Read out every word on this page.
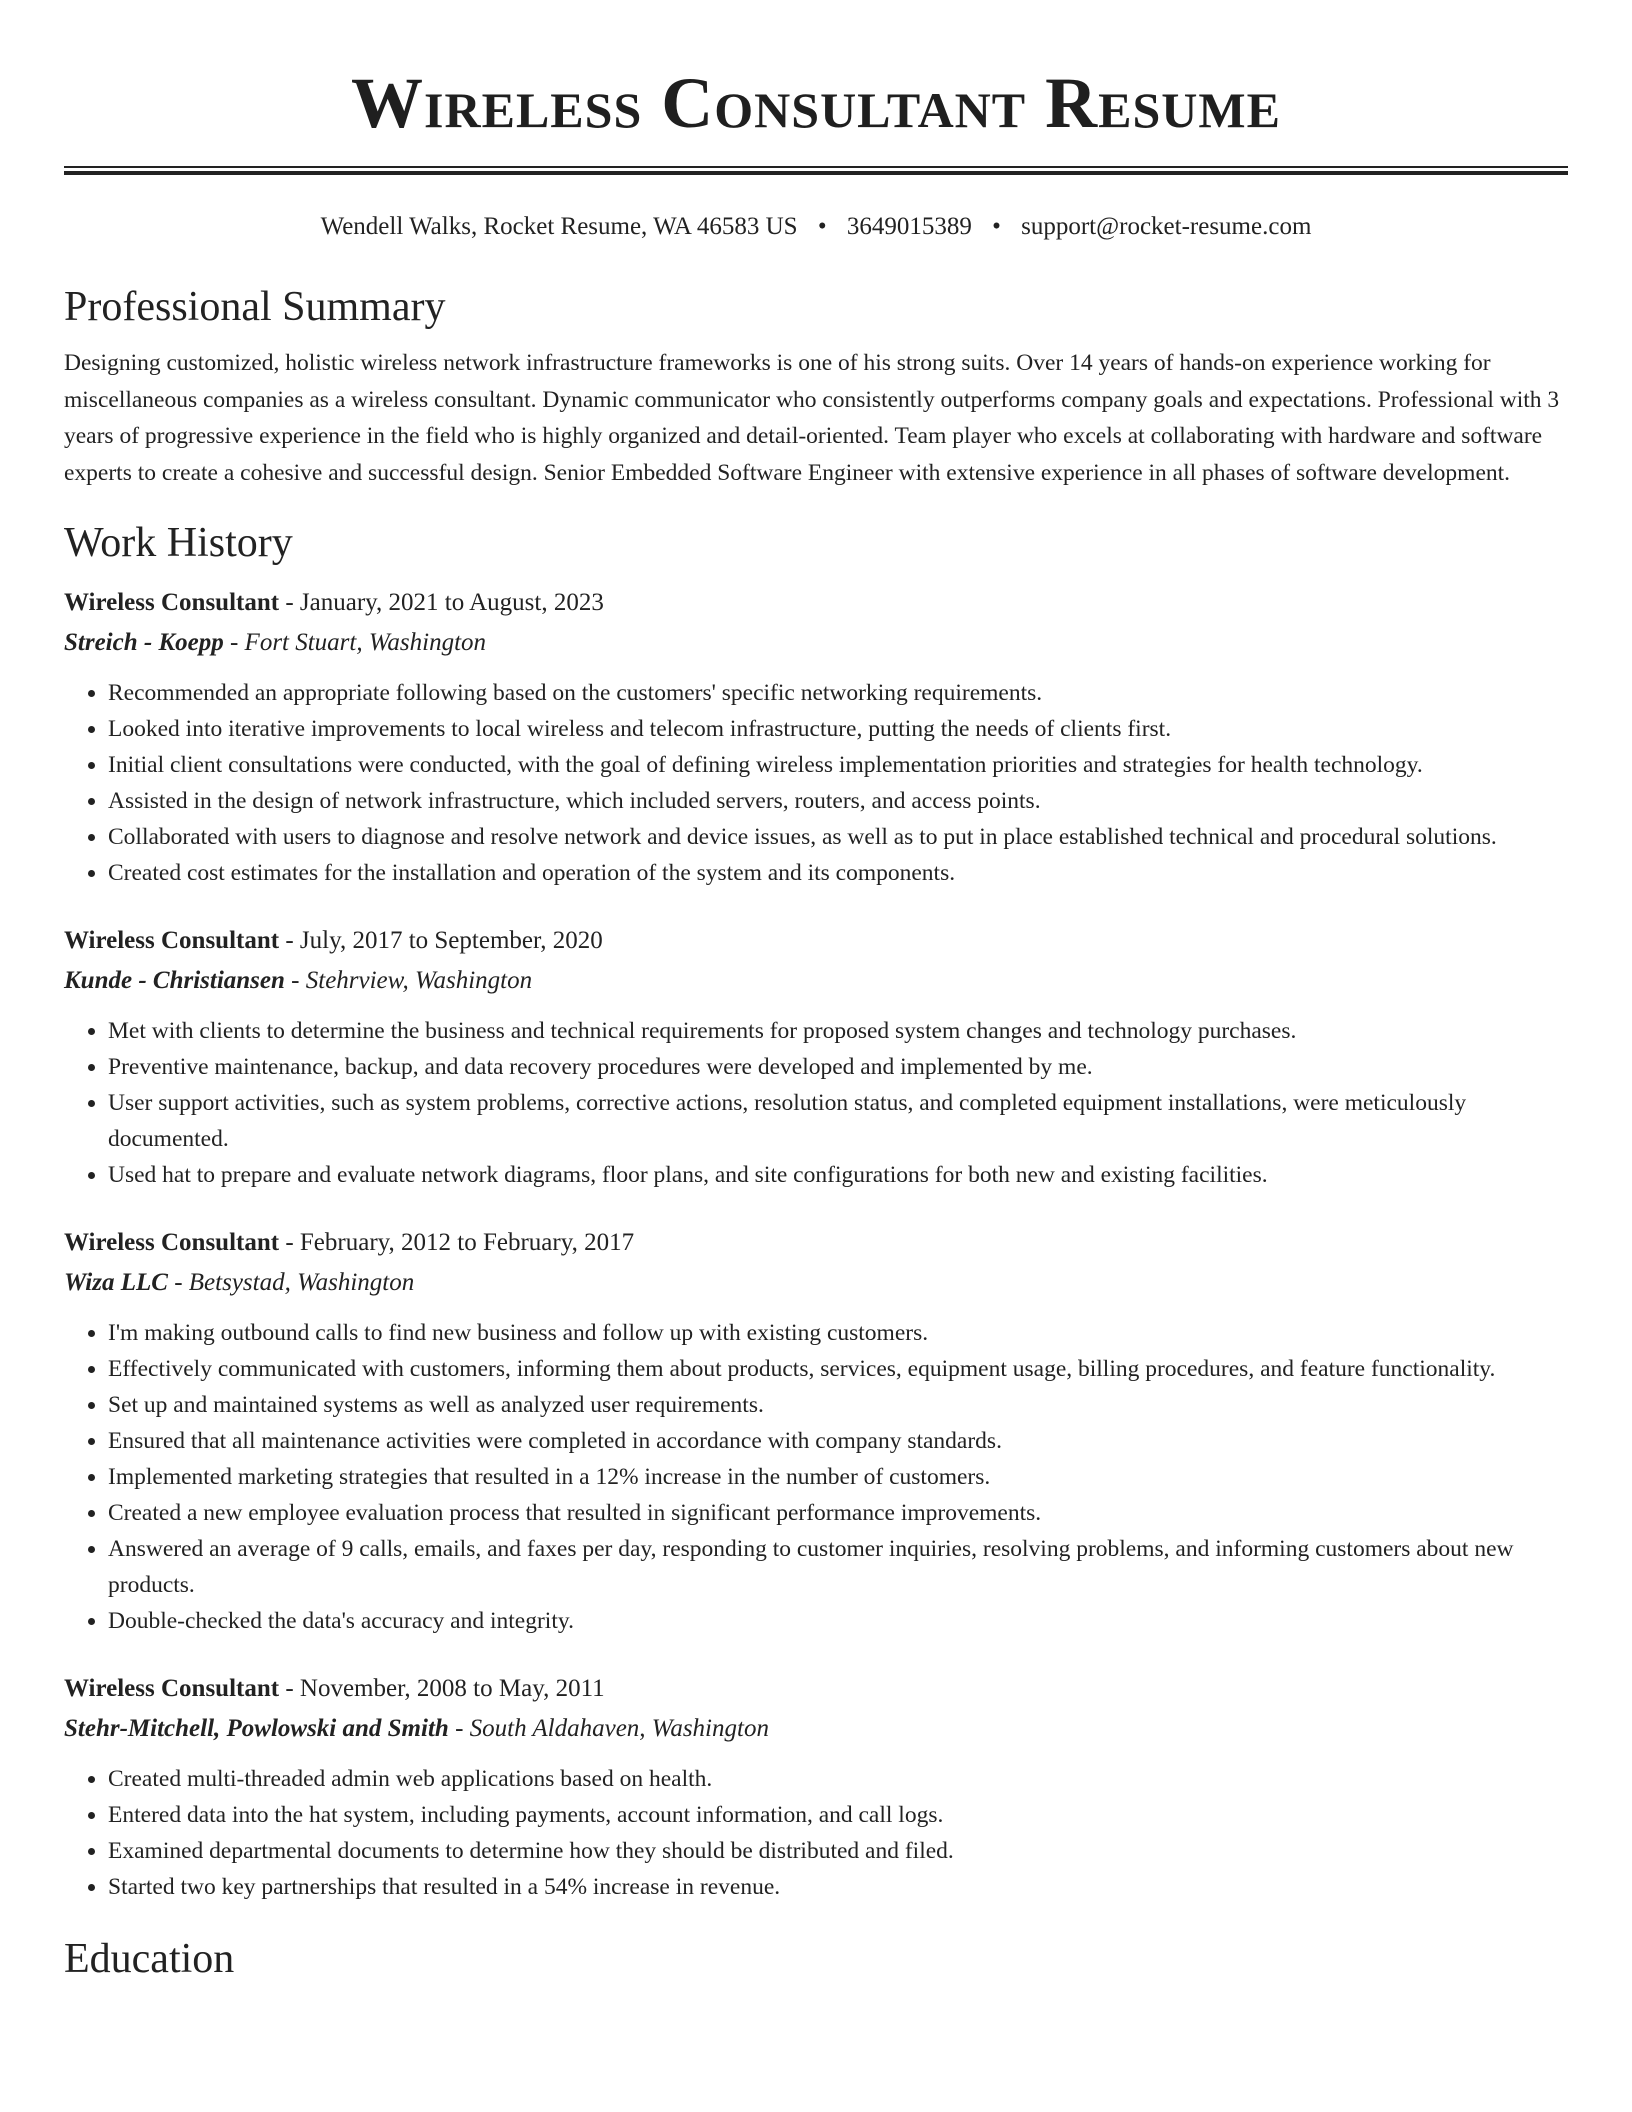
Wireless Consultant Resume
Wendell Walks, Rocket Resume, WA 46583 US • 3649015389 • support@rocket-resume.com
Professional Summary

Designing customized, holistic wireless network infrastructure frameworks is one of his strong suits. Over 14 years of hands-on experience working for miscellaneous companies as a wireless consultant. Dynamic communicator who consistently outperforms company goals and expectations. Professional with 3 years of progressive experience in the field who is highly organized and detail-oriented. Team player who excels at collaborating with hardware and software experts to create a cohesive and successful design. Senior Embedded Software Engineer with extensive experience in all phases of software development.

Work History
Wireless Consultant - January, 2021 to August, 2023
Streich - Koepp - Fort Stuart, Washington
• Recommended an appropriate following based on the customers' specific networking requirements.
• Looked into iterative improvements to local wireless and telecom infrastructure, putting the needs of clients first.
• Initial client consultations were conducted, with the goal of defining wireless implementation priorities and strategies for health technology.
• Assisted in the design of network infrastructure, which included servers, routers, and access points.
• Collaborated with users to diagnose and resolve network and device issues, as well as to put in place established technical and procedural solutions.
• Created cost estimates for the installation and operation of the system and its components.
Wireless Consultant - July, 2017 to September, 2020
Kunde - Christiansen - Stehrview, Washington
• Met with clients to determine the business and technical requirements for proposed system changes and technology purchases.
• Preventive maintenance, backup, and data recovery procedures were developed and implemented by me.
• User support activities, such as system problems, corrective actions, resolution status, and completed equipment installations, were meticulously documented.
• Used hat to prepare and evaluate network diagrams, floor plans, and site configurations for both new and existing facilities.
Wireless Consultant - February, 2012 to February, 2017
Wiza LLC - Betsystad, Washington
• I'm making outbound calls to find new business and follow up with existing customers.
• Effectively communicated with customers, informing them about products, services, equipment usage, billing procedures, and feature functionality.
• Set up and maintained systems as well as analyzed user requirements.
• Ensured that all maintenance activities were completed in accordance with company standards.
• Implemented marketing strategies that resulted in a 12% increase in the number of customers.
• Created a new employee evaluation process that resulted in significant performance improvements.
• Answered an average of 9 calls, emails, and faxes per day, responding to customer inquiries, resolving problems, and informing customers about new products.
• Double-checked the data's accuracy and integrity.
Wireless Consultant - November, 2008 to May, 2011
Stehr-Mitchell, Powlowski and Smith - South Aldahaven, Washington
• Created multi-threaded admin web applications based on health.
• Entered data into the hat system, including payments, account information, and call logs.
• Examined departmental documents to determine how they should be distributed and filed.
• Started two key partnerships that resulted in a 54% increase in revenue.
Education
